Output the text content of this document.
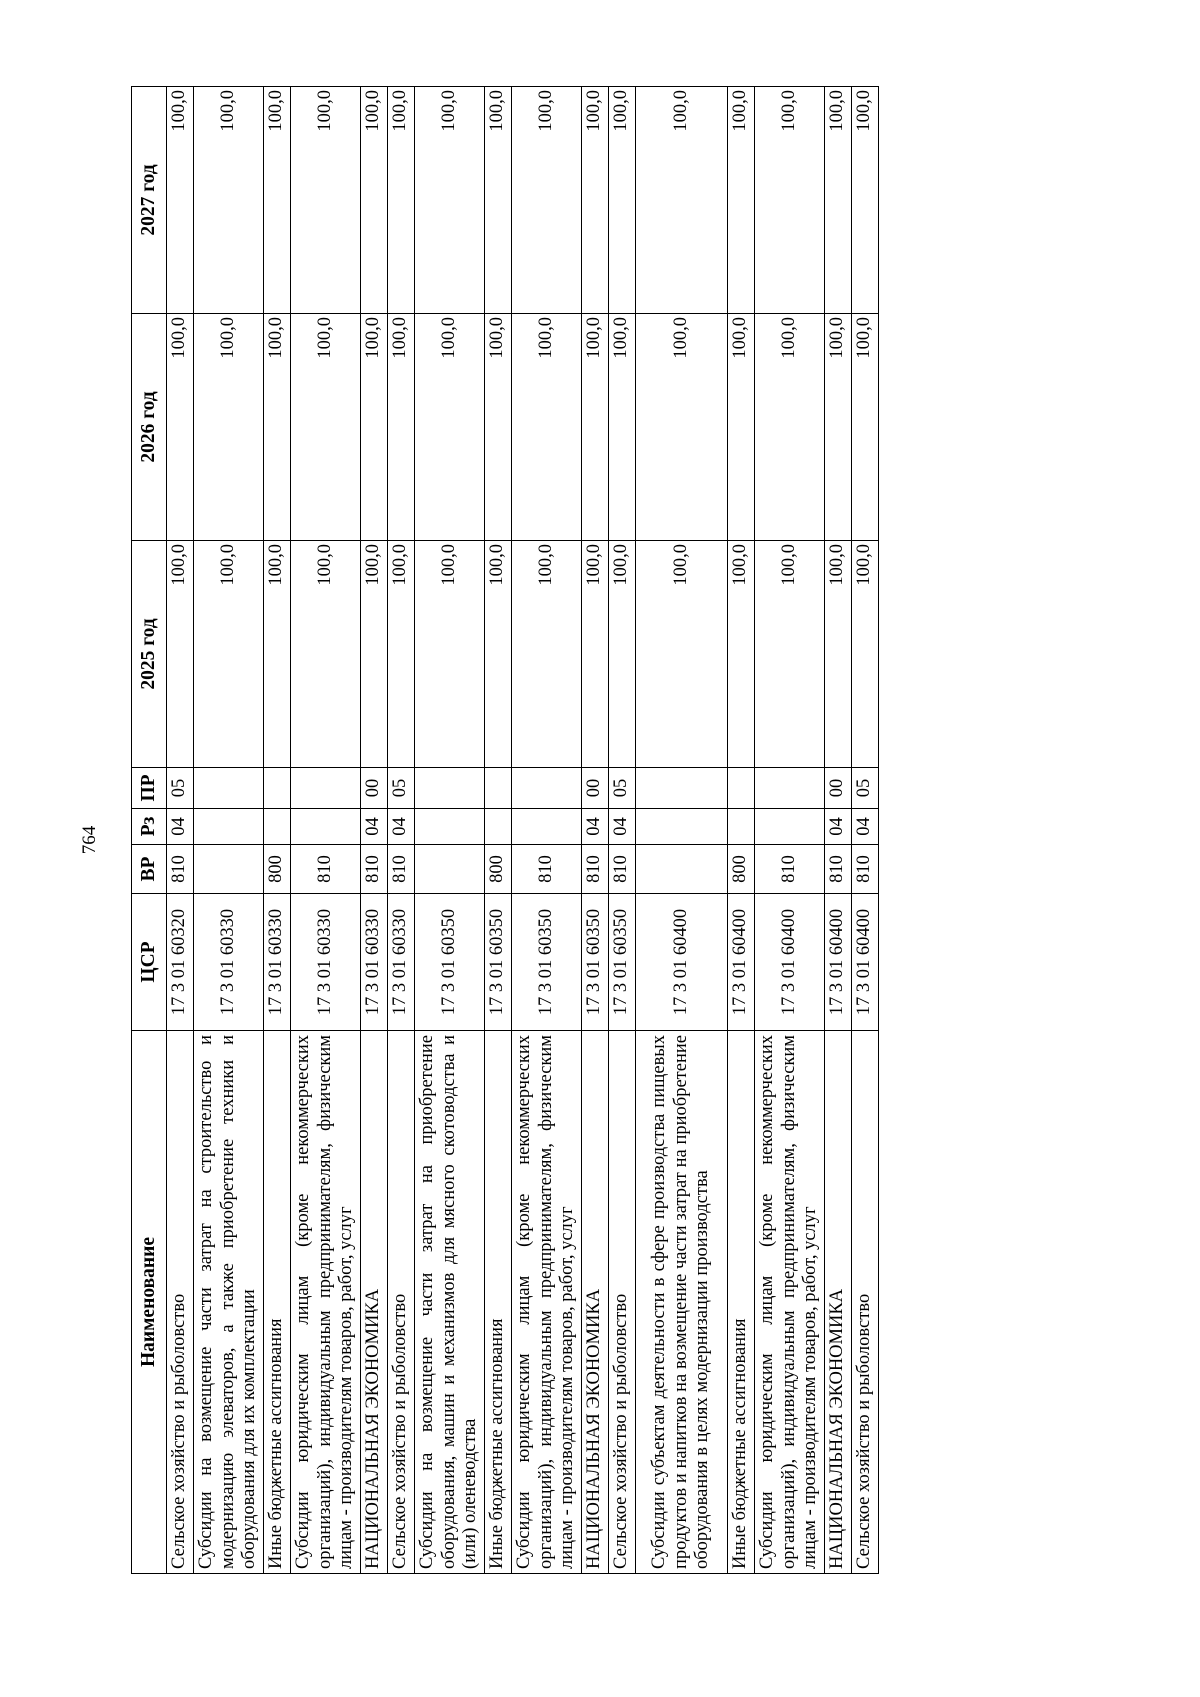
764
Наименование	ЦСР	ВР	Рз	ПР	2025 год	2026 год	2027 год
Сельское хозяйство и рыболовство	17 3 01 60320	810	04	05	100,0	100,0	100,0
Субсидии на возмещение части затрат на строительство и модернизацию элеваторов, а также приобретение техники и оборудования для их комплектации	17 3 01 60330				100,0	100,0	100,0
Иные бюджетные ассигнования	17 3 01 60330	800			100,0	100,0	100,0
Субсидии юридическим лицам (кроме некоммерческих организаций), индивидуальным предпринимателям, физическим лицам - производителям товаров, работ, услуг	17 3 01 60330	810			100,0	100,0	100,0
НАЦИОНАЛЬНАЯ ЭКОНОМИКА	17 3 01 60330	810	04	00	100,0	100,0	100,0
Сельское хозяйство и рыболовство	17 3 01 60330	810	04	05	100,0	100,0	100,0
Субсидии на возмещение части затрат на приобретение оборудования, машин и механизмов для мясного скотоводства и (или) оленеводства	17 3 01 60350				100,0	100,0	100,0
Иные бюджетные ассигнования	17 3 01 60350	800			100,0	100,0	100,0
Субсидии юридическим лицам (кроме некоммерческих организаций), индивидуальным предпринимателям, физическим лицам - производителям товаров, работ, услуг	17 3 01 60350	810			100,0	100,0	100,0
НАЦИОНАЛЬНАЯ ЭКОНОМИКА	17 3 01 60350	810	04	00	100,0	100,0	100,0
Сельское хозяйство и рыболовство	17 3 01 60350	810	04	05	100,0	100,0	100,0
Субсидии субъектам деятельности в сфере производства пищевых продуктов и напитков на возмещение части затрат на приобретение оборудования в целях модернизации производства	17 3 01 60400				100,0	100,0	100,0
Иные бюджетные ассигнования	17 3 01 60400	800			100,0	100,0	100,0
Субсидии юридическим лицам (кроме некоммерческих организаций), индивидуальным предпринимателям, физическим лицам - производителям товаров, работ, услуг	17 3 01 60400	810			100,0	100,0	100,0
НАЦИОНАЛЬНАЯ ЭКОНОМИКА	17 3 01 60400	810	04	00	100,0	100,0	100,0
Сельское хозяйство и рыболовство	17 3 01 60400	810	04	05	100,0	100,0	100,0
